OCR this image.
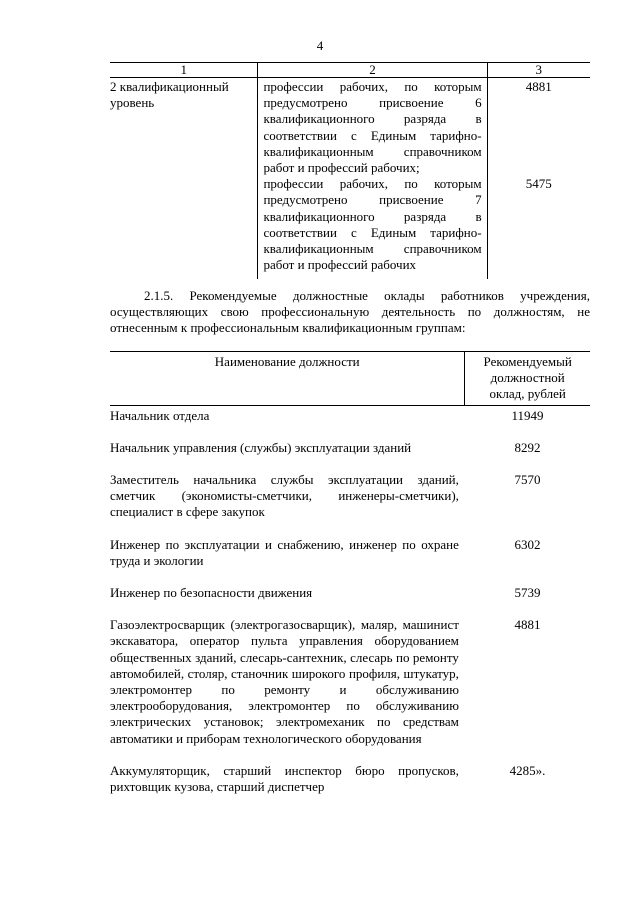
4
1	2	3
2 квалификационный уровень	профессии рабочих, по которым предусмотрено присвоение 6 квалификационного разряда в соответствии с Единым тарифно-квалификационным справочником работ и профессий рабочих;	4881
	профессии рабочих, по которым предусмотрено присвоение 7 квалификационного разряда в соответствии с Единым тарифно-квалификационным справочником работ и профессий рабочих	5475
2.1.5. Рекомендуемые должностные оклады работников учреждения, осуществляющих свою профессиональную деятельность по должностям, не отнесенным к профессиональным квалификационным группам:
Наименование должности	Рекомендуемый должностной оклад, рублей
Начальник отдела	11949
Начальник управления (службы) эксплуатации зданий	8292
Заместитель начальника службы эксплуатации зданий, сметчик (экономисты-сметчики, инженеры-сметчики), специалист в сфере закупок	7570
Инженер по эксплуатации и снабжению, инженер по охране труда и экологии	6302
Инженер по безопасности движения	5739
Газоэлектросварщик (электрогазосварщик), маляр, машинист экскаватора, оператор пульта управления оборудованием общественных зданий, слесарь-сантехник, слесарь по ремонту автомобилей, столяр, станочник широкого профиля, штукатур, электромонтер по ремонту и обслуживанию электрооборудования, электромонтер по обслуживанию электрических установок; электромеханик по средствам автоматики и приборам технологического оборудования	4881
Аккумуляторщик, старший инспектор бюро пропусков, рихтовщик кузова, старший диспетчер	4285».
